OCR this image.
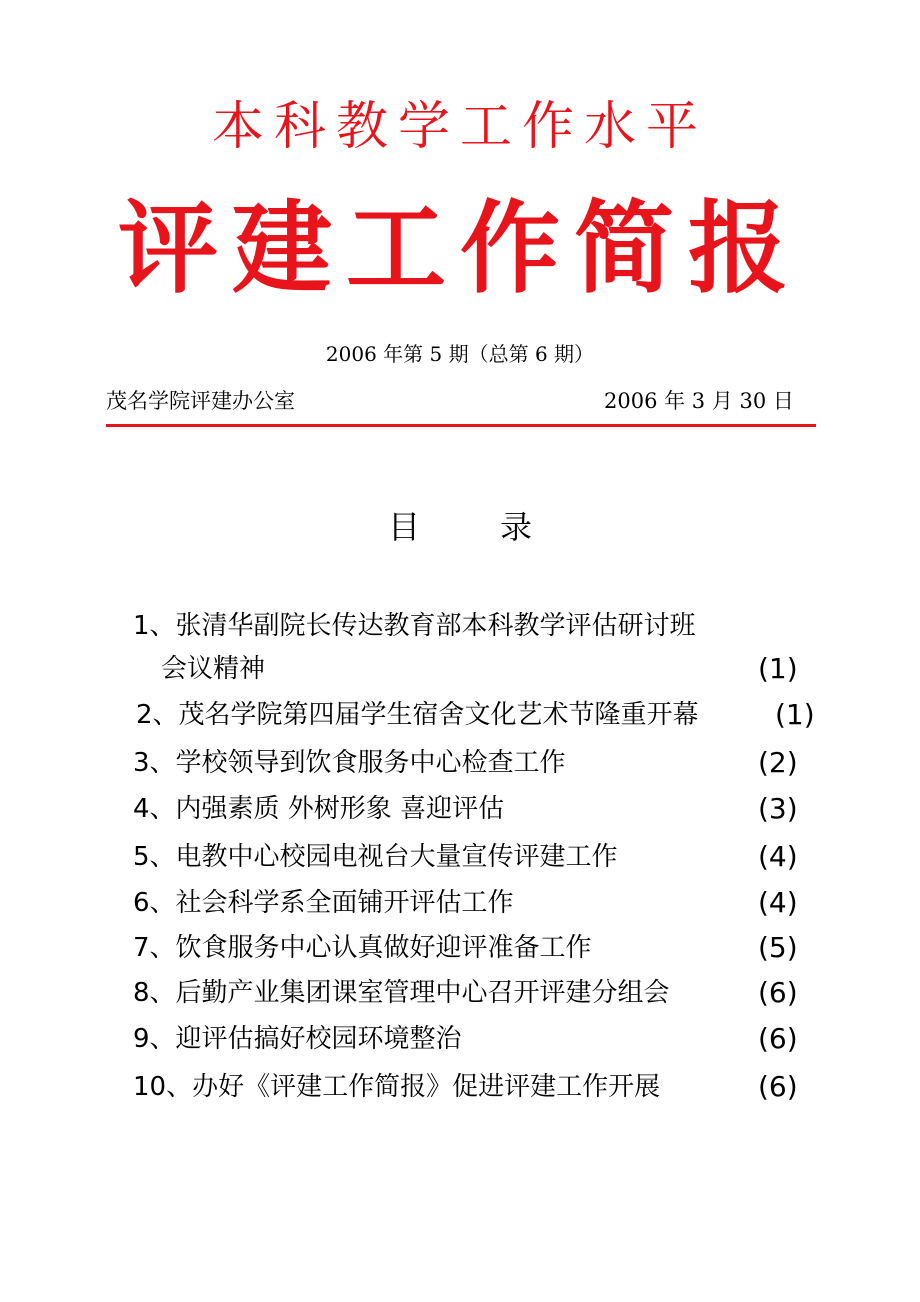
本科教学工作水平
评建工作简报
2006 年第 5 期（总第 6 期）
茂名学院评建办公室	2006 年 3 月 30 日
目录
1、张清华副院长传达教育部本科教学评估研讨班
会议精神	(1)
2、茂名学院第四届学生宿舍文化艺术节隆重开幕	(1)
3、学校领导到饮食服务中心检查工作	(2)
4、内强素质 外树形象 喜迎评估	(3)
5、电教中心校园电视台大量宣传评建工作	(4)
6、社会科学系全面铺开评估工作	(4)
7、饮食服务中心认真做好迎评准备工作	(5)
8、后勤产业集团课室管理中心召开评建分组会	(6)
9、迎评估搞好校园环境整治	(6)
10、办好《评建工作简报》促进评建工作开展	(6)
